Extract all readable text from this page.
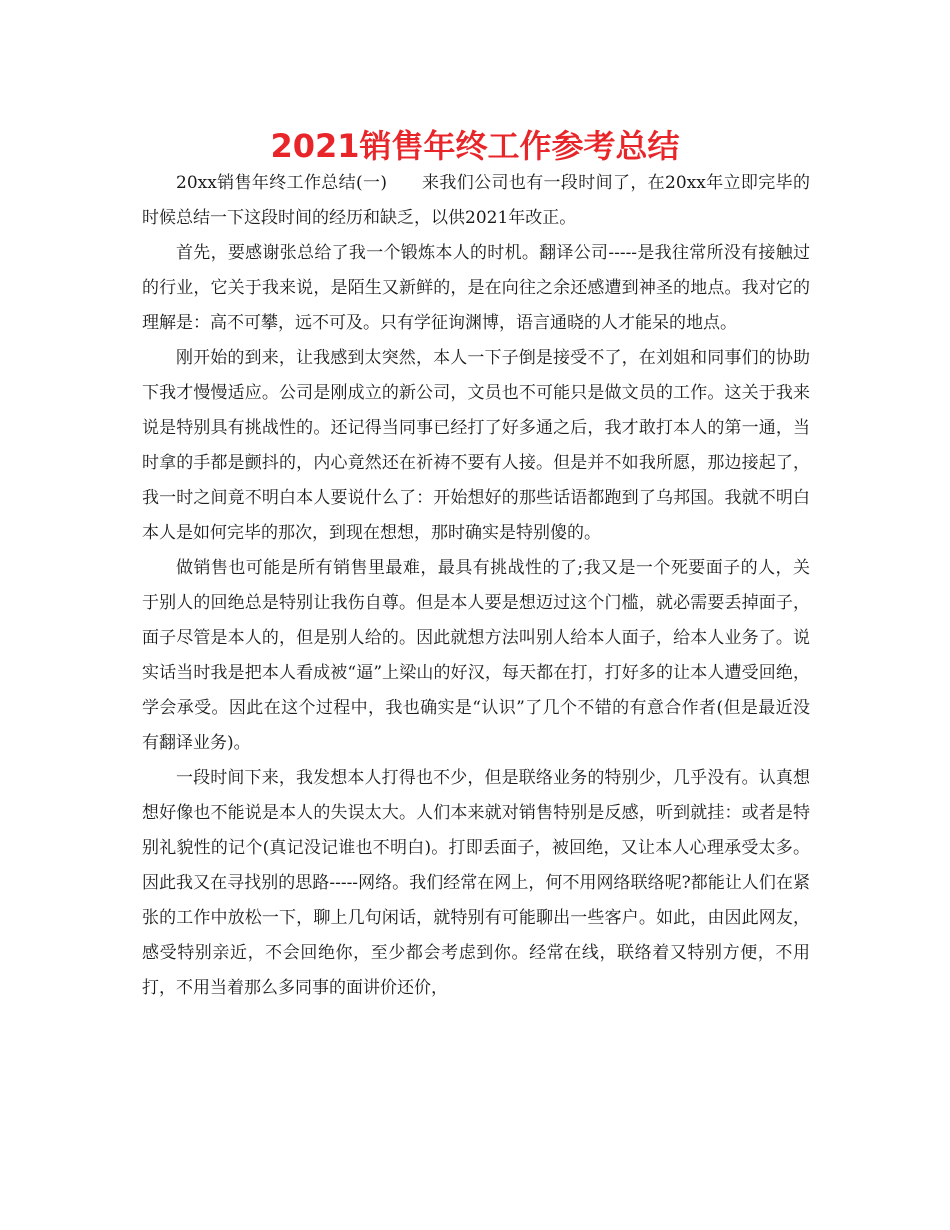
2021销售年终工作参考总结

20xx销售年终工作总结(一)　　来我们公司也有一段时间了，在20xx年立即完毕的时候总结一下这段时间的经历和缺乏，以供2021年改正。

首先，要感谢张总给了我一个锻炼本人的时机。翻译公司-----是我往常所没有接触过的行业，它关于我来说，是陌生又新鲜的，是在向往之余还感遭到神圣的地点。我对它的理解是：高不可攀，远不可及。只有学征询渊博，语言通晓的人才能呆的地点。

刚开始的到来，让我感到太突然，本人一下子倒是接受不了，在刘姐和同事们的协助下我才慢慢适应。公司是刚成立的新公司，文员也不可能只是做文员的工作。这关于我来说是特别具有挑战性的。还记得当同事已经打了好多通之后，我才敢打本人的第一通，当时拿的手都是颤抖的，内心竟然还在祈祷不要有人接。但是并不如我所愿，那边接起了，我一时之间竟不明白本人要说什么了：开始想好的那些话语都跑到了乌邦国。我就不明白本人是如何完毕的那次，到现在想想，那时确实是特别傻的。

做销售也可能是所有销售里最难，最具有挑战性的了;我又是一个死要面子的人，关于别人的回绝总是特别让我伤自尊。但是本人要是想迈过这个门槛，就必需要丢掉面子，面子尽管是本人的，但是别人给的。因此就想方法叫别人给本人面子，给本人业务了。说实话当时我是把本人看成被“逼”上梁山的好汉，每天都在打，打好多的让本人遭受回绝，学会承受。因此在这个过程中，我也确实是“认识”了几个不错的有意合作者(但是最近没有翻译业务)。

一段时间下来，我发想本人打得也不少，但是联络业务的特别少，几乎没有。认真想想好像也不能说是本人的失误太大。人们本来就对销售特别是反感，听到就挂：或者是特别礼貌性的记个(真记没记谁也不明白)。打即丢面子，被回绝，又让本人心理承受太多。因此我又在寻找别的思路-----网络。我们经常在网上，何不用网络联络呢?都能让人们在紧张的工作中放松一下，聊上几句闲话，就特别有可能聊出一些客户。如此，由因此网友，感受特别亲近，不会回绝你，至少都会考虑到你。经常在线，联络着又特别方便，不用打，不用当着那么多同事的面讲价还价，
